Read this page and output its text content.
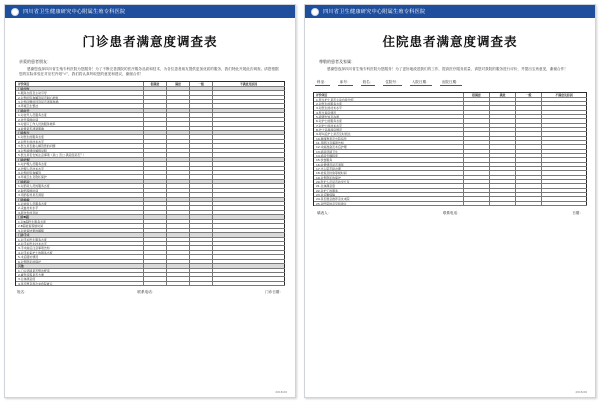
四川省卫生健康研究中心附属生殖专科医院
门诊患者满意度调查表
亲爱的患者朋友：
感谢您选择四川省生殖专科医院为您服务！为了不断完善我院的医疗服务品质和技术，为各位患者朋友提供更加优质的服务，我们特此开展此次调查。请您根据您的实际体验在对应栏内划“√”，我们将认真听取您的意见和建议，谢谢合作！
评价项目	很满意	满意	一般	不满意及原因
门诊导医
1.服务态度及主动引导
2.对您的咨询解答是否耐心细致
3.对您问题的回答是否清楚准确
4.环境卫生整洁
门诊挂号
1.对挂号人员服务态度
2.挂号等候时间
3.对窗口工作人员的服务效率
4.收费是否清楚明确
门诊医生
1.对医生的服务态度
2.对医生的技术水平
3.医生是否耐心解答您的问题
4.对您病情的解释说明
5.医生是否告知注意事项（是□ 否□ 满意度是否？）
门诊护理
1.对护理人员服务态度
2.护理人员技术水平
3.对您的咨询解答
4.环境卫生及隐私保护
门诊药房
1.对药房人员的服务态度
2.取药等候时间
3.用药指导是否清楚
门诊检验
1.对检验人员服务态度
2.采血技术水平
3.报告发放及时
门诊B超
1.对B超医生服务态度
2.B超检查等候时间
3.对检查结果的解释
门诊手术
1.对手术医生服务态度
2.对手术医生技术水平
3.手术前后注意事项告知
4.对手术室护士的服务态度
5.术后随访情况
6.对您隐私的保护
其他
1.门诊环境是否整洁舒适
2.就医流程是否方便
3.总体满意度
4.是否愿意再次来我院就诊
姓名：	联系电话：	门诊日期：
2018.06
四川省卫生健康研究中心附属生殖专科医院
住院患者满意度调查表
尊敬的患者及家属：
感谢您选择四川省生殖专科医院为您服务！为了更好地改进我们的工作，提高医疗服务质量，请您对我院的服务进行评价，并提出宝贵意见，谢谢合作！
科室：	床号：	姓名：	住院号：	入院日期：	出院日期：
评价项目	很满意	满意	一般	不满意及原因
1.医生护士是否主动自我介绍
2.对医生的服务态度
3.对医生的技术水平
4.医生查房情况
5.病情告知及沟通
6.对护士的服务态度
7.对护士的技术水平
8.护士巡视病房情况
9.呼叫后护士是否及时到达
10.健康教育及出院指导
11.用药注意事项告知
12.术前准备及术后护理
13.病房环境卫生
14.病房安静程度
15.饮食服务
16.收费情况是否清楚
17.出入院手续办理
18.检查及检验等候时间
19.对您隐私的保护
20.医护人员是否收受红包
21.总体满意度
22.对护工的服务
23.对后勤保障
24.是否愿意推荐亲友来院
25.对医院的意见和建议
填表人：	联系电话：	日期：
2018.06
